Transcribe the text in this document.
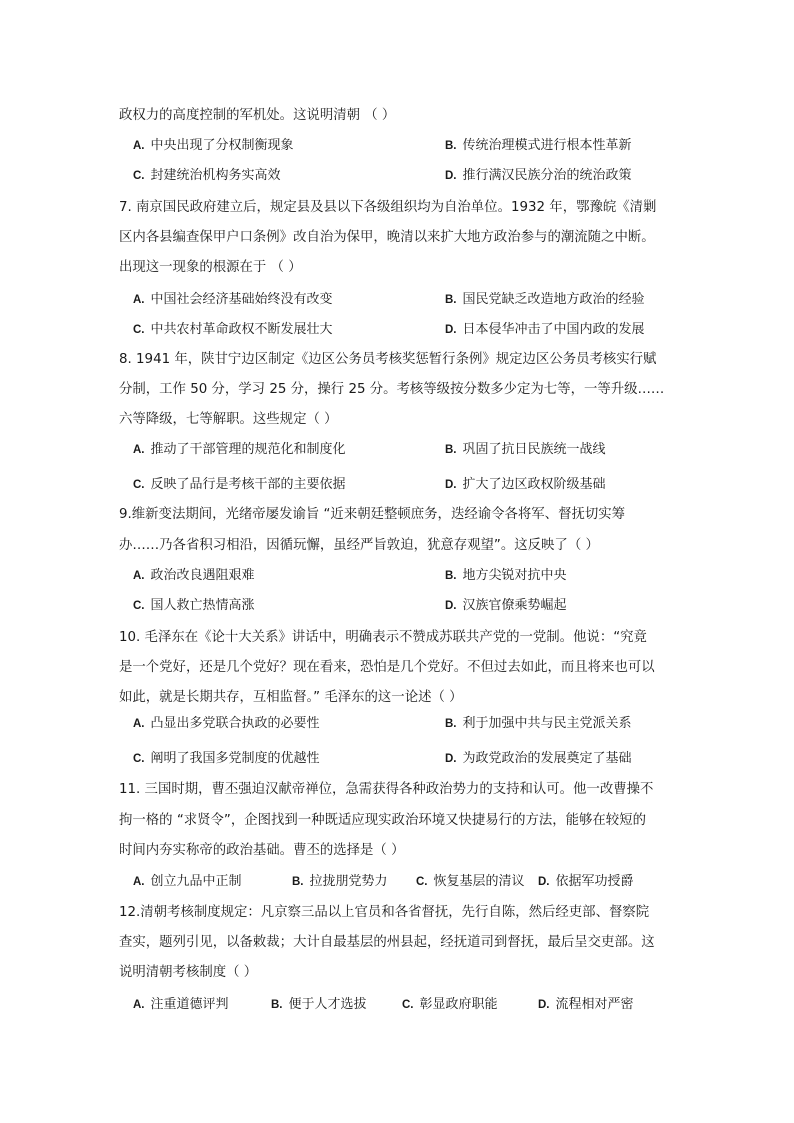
政权力的高度控制的军机处。这说明清朝 （ ）
A. 中央出现了分权制衡现象	B. 传统治理模式进行根本性革新
C. 封建统治机构务实高效	D. 推行满汉民族分治的统治政策
7. 南京国民政府建立后，规定县及县以下各级组织均为自治单位。1932 年，鄂豫皖《清剿
区内各县编查保甲户口条例》改自治为保甲，晚清以来扩大地方政治参与的潮流随之中断。
出现这一现象的根源在于 （ ）
A. 中国社会经济基础始终没有改变	B. 国民党缺乏改造地方政治的经验
C. 中共农村革命政权不断发展壮大	D. 日本侵华冲击了中国内政的发展
8. 1941 年，陕甘宁边区制定《边区公务员考核奖惩暂行条例》规定边区公务员考核实行赋
分制，工作 50 分，学习 25 分，操行 25 分。考核等级按分数多少定为七等，一等升级……
六等降级，七等解职。这些规定（ ）
A. 推动了干部管理的规范化和制度化	B. 巩固了抗日民族统一战线
C. 反映了品行是考核干部的主要依据	D. 扩大了边区政权阶级基础
9.维新变法期间，光绪帝屡发谕旨 “近来朝廷整顿庶务，迭经谕令各将军、督抚切实筹
办……乃各省积习相沿，因循玩懈，虽经严旨敦迫，犹意存观望”。这反映了（ ）
A. 政治改良遇阻艰难	B. 地方尖锐对抗中央
C. 国人救亡热情高涨	D. 汉族官僚乘势崛起
10. 毛泽东在《论十大关系》讲话中，明确表示不赞成苏联共产党的一党制。他说：“究竟
是一个党好，还是几个党好？现在看来，恐怕是几个党好。不但过去如此，而且将来也可以
如此，就是长期共存，互相监督。” 毛泽东的这一论述（ ）
A. 凸显出多党联合执政的必要性	B. 利于加强中共与民主党派关系
C. 阐明了我国多党制度的优越性	D. 为政党政治的发展奠定了基础
11. 三国时期，曹丕强迫汉献帝禅位，急需获得各种政治势力的支持和认可。他一改曹操不
拘一格的 “求贤令”，企图找到一种既适应现实政治环境又快捷易行的方法，能够在较短的
时间内夯实称帝的政治基础。曹丕的选择是（ ）
A. 创立九品中正制	B. 拉拢朋党势力 C. 恢复基层的清议 D. 依据军功授爵
12.清朝考核制度规定：凡京察三品以上官员和各省督抚，先行自陈，然后经吏部、督察院
查实，题列引见，以备敕裁；大计自最基层的州县起，经抚道司到督抚，最后呈交吏部。这
说明清朝考核制度（ ）
A. 注重道德评判	B. 便于人才选拔	C. 彰显政府职能	D. 流程相对严密
